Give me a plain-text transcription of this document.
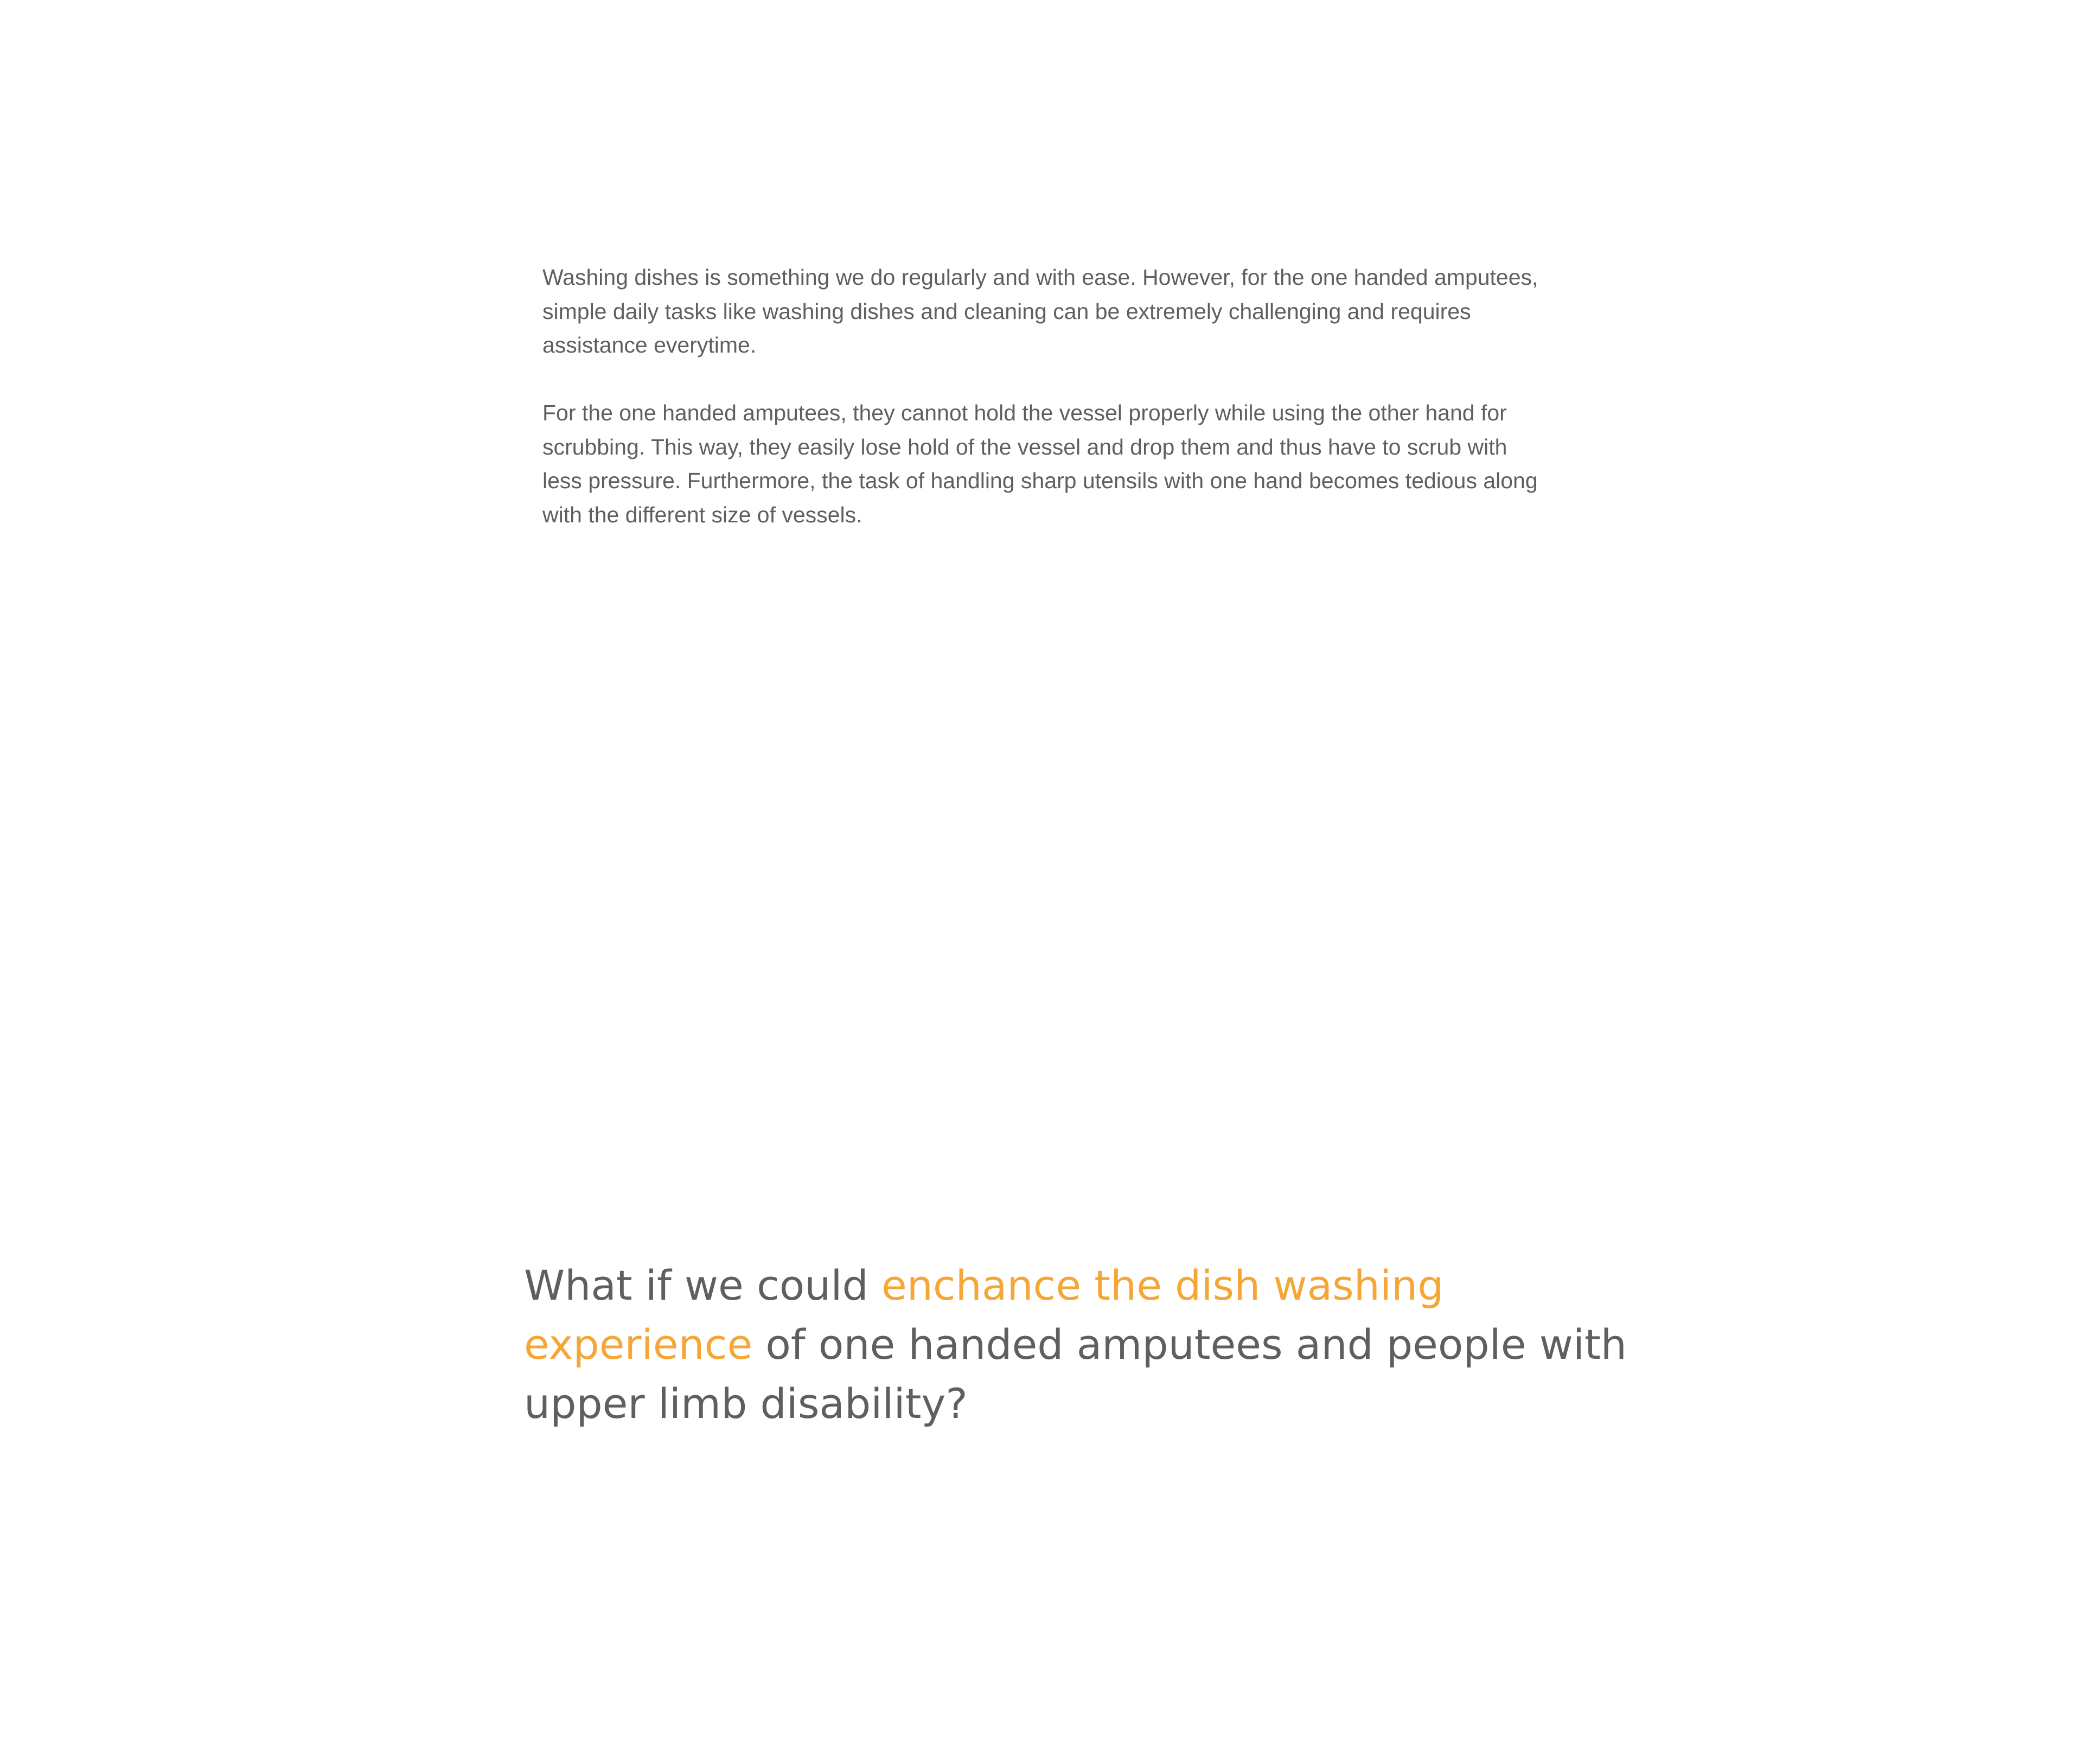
Washing dishes is something we do regularly and with ease. However, for the one handed amputees, simple daily tasks like washing dishes and cleaning can be extremely challenging and requires assistance everytime.

For the one handed amputees, they cannot hold the vessel properly while using the other hand for scrubbing. This way, they easily lose hold of the vessel and drop them and thus have to scrub with less pressure. Furthermore, the task of handling sharp utensils with one hand becomes tedious along with the different size of vessels.

What if we could enchance the dish washing experience of one handed amputees and people with upper limb disability?
